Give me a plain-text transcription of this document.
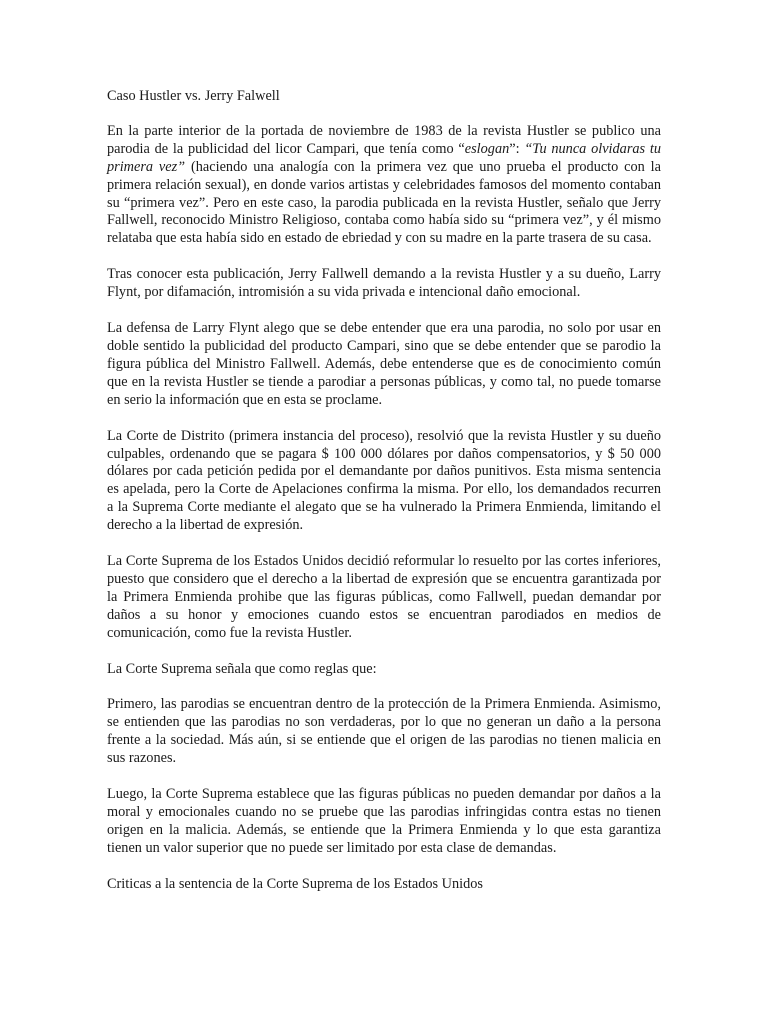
Caso Hustler vs. Jerry Falwell

En la parte interior de la portada de noviembre de 1983 de la revista Hustler se publico una parodia de la publicidad del licor Campari, que tenía como “eslogan”: “Tu nunca olvidaras tu primera vez” (haciendo una analogía con la primera vez que uno prueba el producto con la primera relación sexual), en donde varios artistas y celebridades famosos del momento contaban su “primera vez”. Pero en este caso, la parodia publicada en la revista Hustler, señalo que Jerry Fallwell, reconocido Ministro Religioso, contaba como había sido su “primera vez”, y él mismo relataba que esta había sido en estado de ebriedad y con su madre en la parte trasera de su casa.

Tras conocer esta publicación, Jerry Fallwell demando a la revista Hustler y a su dueño, Larry Flynt, por difamación, intromisión a su vida privada e intencional daño emocional.

La defensa de Larry Flynt alego que se debe entender que era una parodia, no solo por usar en doble sentido la publicidad del producto Campari, sino que se debe entender que se parodio la figura pública del Ministro Fallwell. Además, debe entenderse que es de conocimiento común que en la revista Hustler se tiende a parodiar a personas públicas, y como tal, no puede tomarse en serio la información que en esta se proclame.

La Corte de Distrito (primera instancia del proceso), resolvió que la revista Hustler y su dueño culpables, ordenando que se pagara $ 100 000 dólares por daños compensatorios, y $ 50 000 dólares por cada petición pedida por el demandante por daños punitivos. Esta misma sentencia es apelada, pero la Corte de Apelaciones confirma la misma. Por ello, los demandados recurren a la Suprema Corte mediante el alegato que se ha vulnerado la Primera Enmienda, limitando el derecho a la libertad de expresión.

La Corte Suprema de los Estados Unidos decidió reformular lo resuelto por las cortes inferiores, puesto que considero que el derecho a la libertad de expresión que se encuentra garantizada por la Primera Enmienda prohibe que las figuras públicas, como Fallwell, puedan demandar por daños a su honor y emociones cuando estos se encuentran parodiados en medios de comunicación, como fue la revista Hustler.

La Corte Suprema señala que como reglas que:

Primero, las parodias se encuentran dentro de la protección de la Primera Enmienda. Asimismo, se entienden que las parodias no son verdaderas, por lo que no generan un daño a la persona frente a la sociedad. Más aún, si se entiende que el origen de las parodias no tienen malicia en sus razones.

Luego, la Corte Suprema establece que las figuras públicas no pueden demandar por daños a la moral y emocionales cuando no se pruebe que las parodias infringidas contra estas no tienen origen en la malicia. Además, se entiende que la Primera Enmienda y lo que esta garantiza tienen un valor superior que no puede ser limitado por esta clase de demandas.

Criticas a la sentencia de la Corte Suprema de los Estados Unidos
